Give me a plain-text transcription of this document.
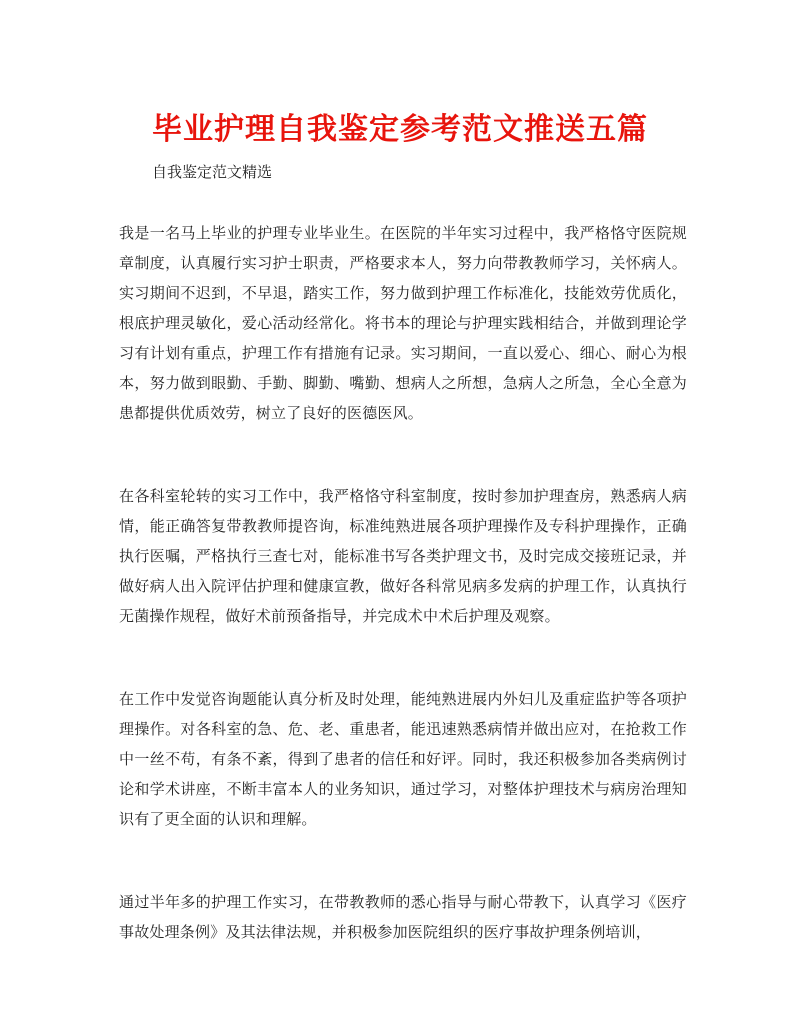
毕业护理自我鉴定参考范文推送五篇
自我鉴定范文精选

我是一名马上毕业的护理专业毕业生。在医院的半年实习过程中，我严格恪守医院规章制度，认真履行实习护士职责，严格要求本人，努力向带教教师学习，关怀病人。实习期间不迟到，不早退，踏实工作，努力做到护理工作标准化，技能效劳优质化，根底护理灵敏化，爱心活动经常化。将书本的理论与护理实践相结合，并做到理论学习有计划有重点，护理工作有措施有记录。实习期间，一直以爱心、细心、耐心为根本，努力做到眼勤、手勤、脚勤、嘴勤、想病人之所想，急病人之所急，全心全意为患都提供优质效劳，树立了良好的医德医风。

在各科室轮转的实习工作中，我严格恪守科室制度，按时参加护理查房，熟悉病人病情，能正确答复带教教师提咨询，标准纯熟进展各项护理操作及专科护理操作，正确执行医嘱，严格执行三查七对，能标准书写各类护理文书，及时完成交接班记录，并做好病人出入院评估护理和健康宣教，做好各科常见病多发病的护理工作，认真执行无菌操作规程，做好术前预备指导，并完成术中术后护理及观察。

在工作中发觉咨询题能认真分析及时处理，能纯熟进展内外妇儿及重症监护等各项护理操作。对各科室的急、危、老、重患者，能迅速熟悉病情并做出应对，在抢救工作中一丝不苟，有条不紊，得到了患者的信任和好评。同时，我还积极参加各类病例讨论和学术讲座，不断丰富本人的业务知识，通过学习，对整体护理技术与病房治理知识有了更全面的认识和理解。

通过半年多的护理工作实习，在带教教师的悉心指导与耐心带教下，认真学习《医疗事故处理条例》及其法律法规，并积极参加医院组织的医疗事故护理条例培训，
